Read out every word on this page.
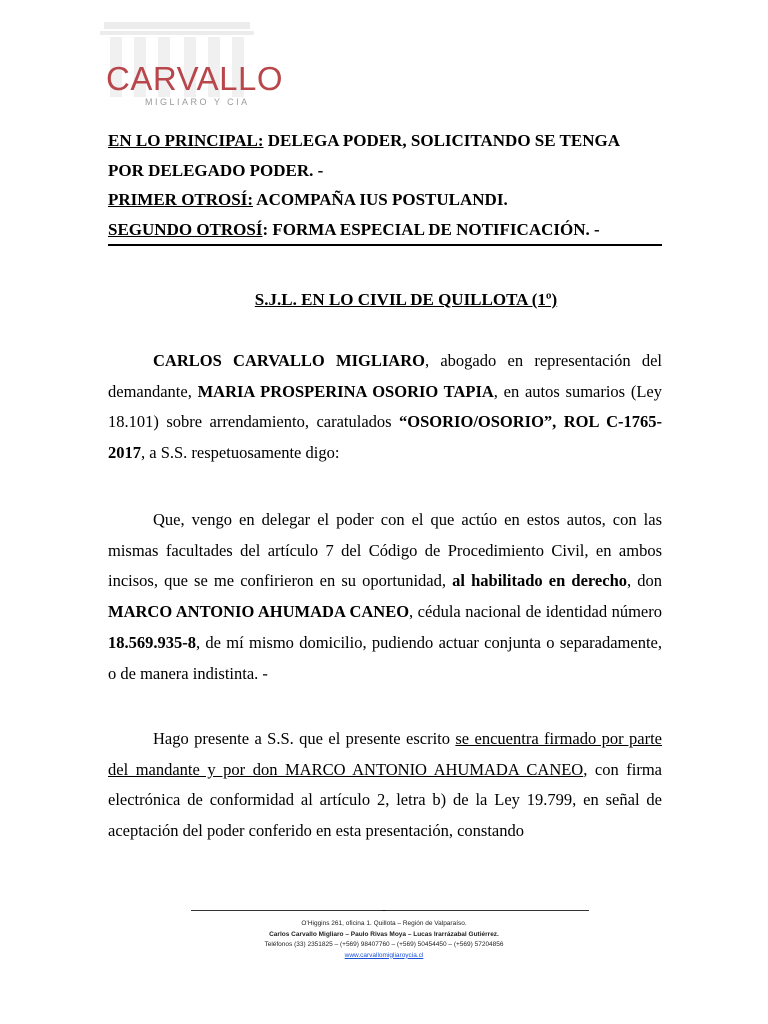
CARVALLO
MIGLIARO Y CIA
EN LO PRINCIPAL: DELEGA PODER, SOLICITANDO SE TENGA
POR DELEGADO PODER. -
PRIMER OTROSÍ: ACOMPAÑA IUS POSTULANDI.
SEGUNDO OTROSÍ: FORMA ESPECIAL DE NOTIFICACIÓN. -
S.J.L. EN LO CIVIL DE QUILLOTA (1º)

CARLOS CARVALLO MIGLIARO, abogado en representación del demandante, MARIA PROSPERINA OSORIO TAPIA, en autos sumarios (Ley 18.101) sobre arrendamiento, caratulados “OSORIO/OSORIO”, ROL C-1765-2017, a S.S. respetuosamente digo:

Que, vengo en delegar el poder con el que actúo en estos autos, con las mismas facultades del artículo 7 del Código de Procedimiento Civil, en ambos incisos, que se me confirieron en su oportunidad, al habilitado en derecho, don MARCO ANTONIO AHUMADA CANEO, cédula nacional de identidad número 18.569.935-8, de mí mismo domicilio, pudiendo actuar conjunta o separadamente, o de manera indistinta. -

Hago presente a S.S. que el presente escrito se encuentra firmado por parte del mandante y por don MARCO ANTONIO AHUMADA CANEO, con firma electrónica de conformidad al artículo 2, letra b) de la Ley 19.799, en señal de aceptación del poder conferido en esta presentación, constando

–
O’Higgins 261, oficina 1. Quillota – Región de Valparaíso.
Carlos Carvallo Migliaro – Paulo Rivas Moya – Lucas Irarrázabal Gutiérrez.
Teléfonos (33) 2351825 – (+569) 98407760 – (+569) 50454450 – (+569) 57204856
www.carvallomigliaroycia.cl
